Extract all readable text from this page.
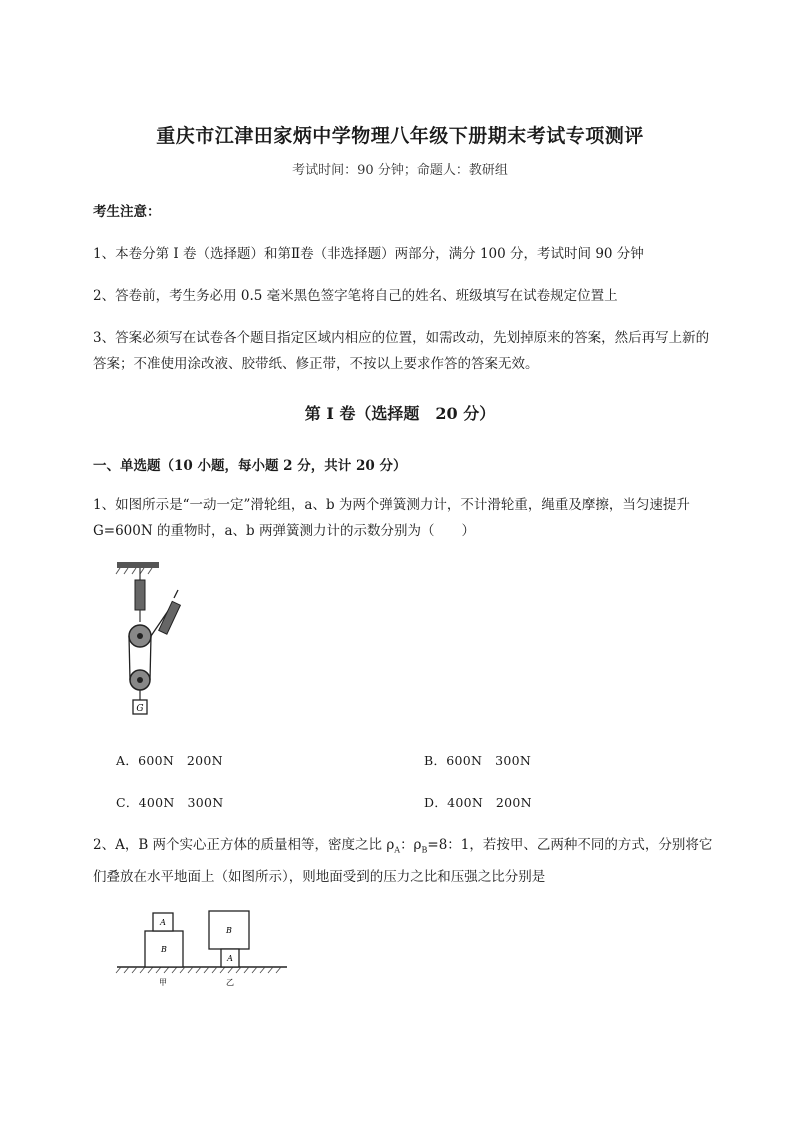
重庆市江津田家炳中学物理八年级下册期末考试专项测评
考试时间：90 分钟；命题人：教研组
考生注意：
1、本卷分第 I 卷（选择题）和第Ⅱ卷（非选择题）两部分，满分 100 分，考试时间 90 分钟
2、答卷前，考生务必用 0.5 毫米黑色签字笔将自己的姓名、班级填写在试卷规定位置上
3、答案必须写在试卷各个题目指定区域内相应的位置，如需改动，先划掉原来的答案，然后再写上新的答案；不准使用涂改液、胶带纸、修正带，不按以上要求作答的答案无效。
第 I 卷（选择题　20 分）
一、单选题（10 小题，每小题 2 分，共计 20 分）
1、如图所示是“一动一定”滑轮组，a、b 为两个弹簧测力计，不计滑轮重，绳重及摩擦，当匀速提升 G=600N 的重物时，a、b 两弹簧测力计的示数分别为（　　）
G
A．600N　200N	B．600N　300N
C．400N　300N	D．400N　200N
2、A，B 两个实心正方体的质量相等，密度之比 $\rho_A$：$\rho_B=8$：1，若按甲、乙两种不同的方式，分别将它们叠放在水平地面上（如图所示），则地面受到的压力之比和压强之比分别是
A
B
B
A
甲	乙
